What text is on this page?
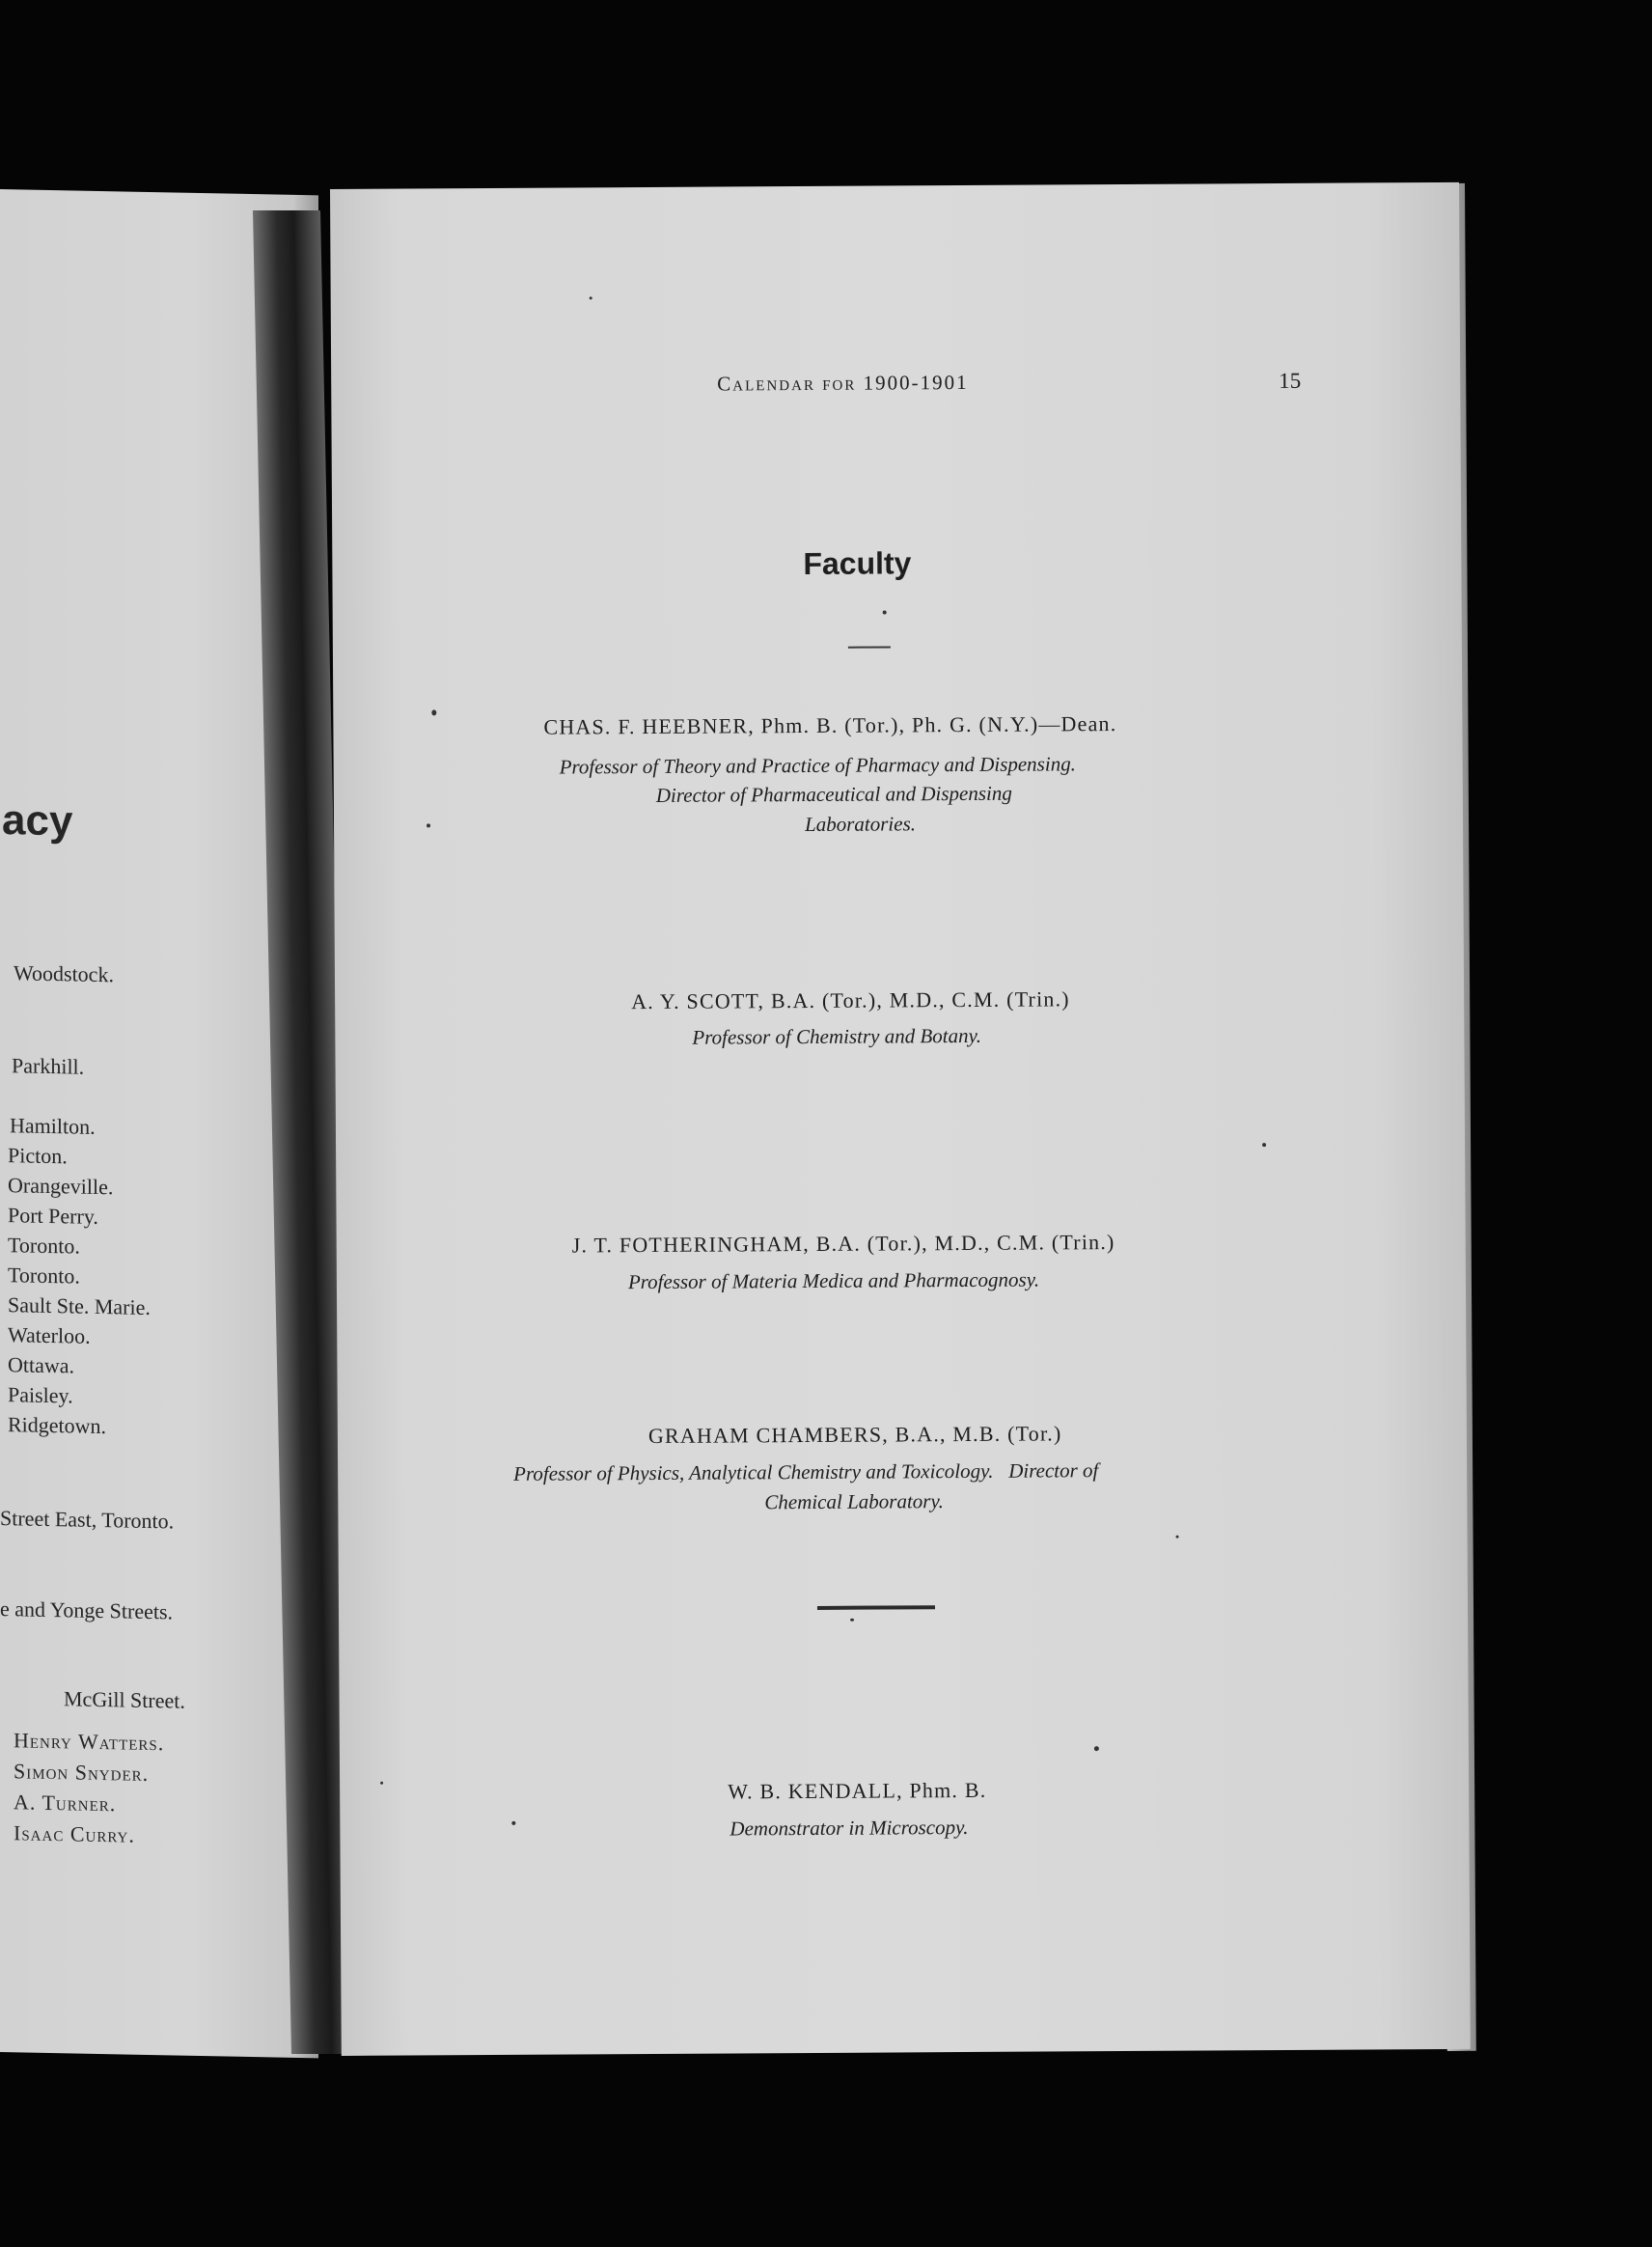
acy
Woodstock.
Parkhill.
Hamilton.
Picton.
Orangeville.
Port Perry.
Toronto.
Toronto.
Sault Ste. Marie.
Waterloo.
Ottawa.
Paisley.
Ridgetown.
Street East, Toronto.
e and Yonge Streets.
McGill Street.
Henry Watters.
Simon Snyder.
A. Turner.
Isaac Curry.
Calendar for 1900-1901	15
Faculty
CHAS. F. HEEBNER, Phm. B. (Tor.), Ph. G. (N.Y.)—Dean.
Professor of Theory and Practice of Pharmacy and Dispensing.
Director of Pharmaceutical and Dispensing
Laboratories.
A. Y. SCOTT, B.A. (Tor.), M.D., C.M. (Trin.)
Professor of Chemistry and Botany.
J. T. FOTHERINGHAM, B.A. (Tor.), M.D., C.M. (Trin.)
Professor of Materia Medica and Pharmacognosy.
GRAHAM CHAMBERS, B.A., M.B. (Tor.)
Professor of Physics, Analytical Chemistry and Toxicology.   Director of
Chemical Laboratory.
W. B. KENDALL, Phm. B.
Demonstrator in Microscopy.
